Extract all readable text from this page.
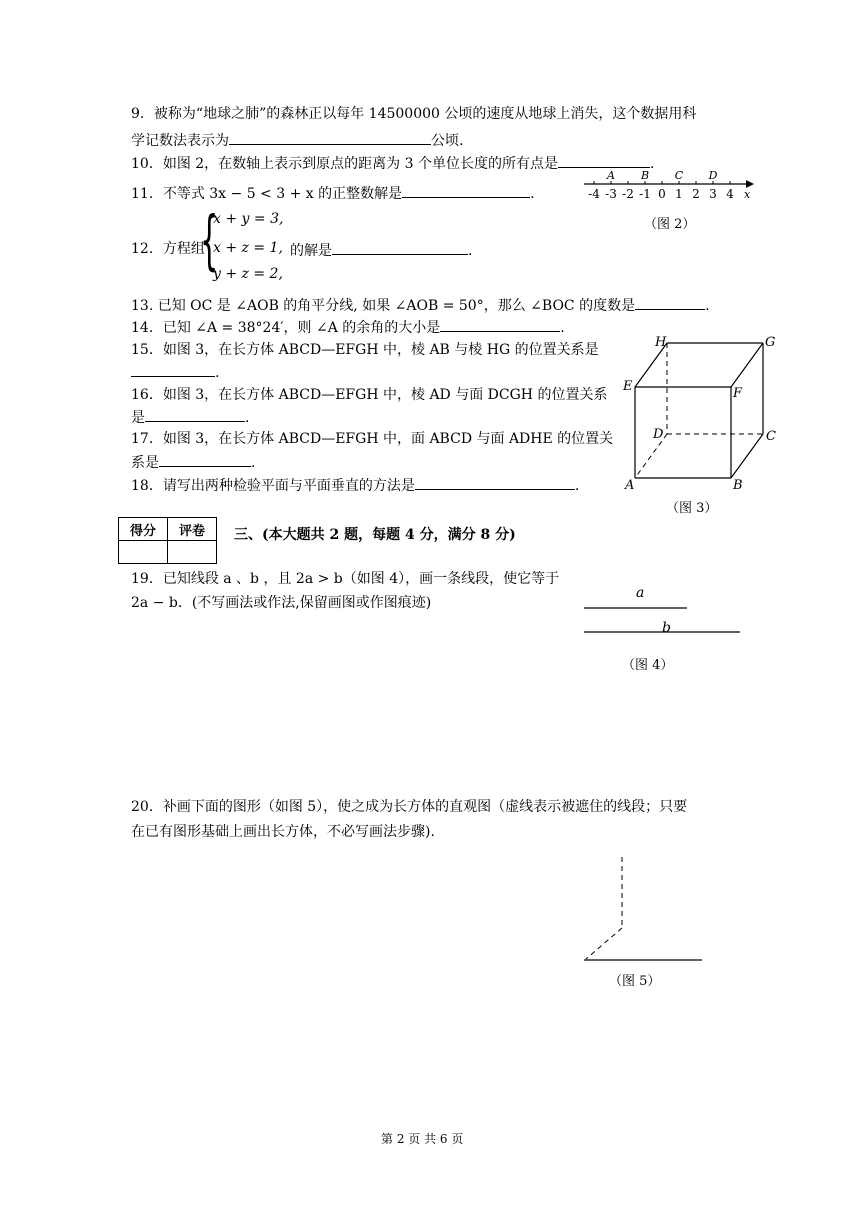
9．被称为“地球之肺”的森林正以每年 14500000 公顷的速度从地球上消失，这个数据用科
学记数法表示为	公顷.
10．如图 2，在数轴上表示到原点的距离为 3 个单位长度的所有点是	.
11．不等式 3x − 5 < 3 + x 的正整数解是	.
A B C D
-4 -3 -2 -1 0 1 2 3 4 x
（图 2）
12．方程组
{
x + y = 3,
x + z = 1,
y + z = 2,
的解是	.
13. 已知 OC 是 ∠AOB 的角平分线, 如果 ∠AOB = 50°，那么 ∠BOC 的度数是	.
14．已知 ∠A = 38°24′，则 ∠A 的余角的大小是	.
15．如图 3，在长方体 ABCD—EFGH 中，棱 AB 与棱 HG 的位置关系是
.
16．如图 3，在长方体 ABCD—EFGH 中，棱 AD 与面 DCGH 的位置关系
是	.
17．如图 3，在长方体 ABCD—EFGH 中，面 ABCD 与面 ADHE 的位置关
系是	.
18．请写出两种检验平面与平面垂直的方法是	.
H	G
E	F
D	C
A	B
（图 3）
得分	评卷
	三、(本大题共 2 题，每题 4 分，满分 8 分)
19．已知线段 a 、b ，且 2a > b（如图 4），画一条线段，使它等于
2a − b．(不写画法或作法,保留画图或作图痕迹)
a
b
（图 4）
20．补画下面的图形（如图 5），使之成为长方体的直观图（虚线表示被遮住的线段；只要
在已有图形基础上画出长方体，不必写画法步骤).
（图 5）
第 2 页 共 6 页
